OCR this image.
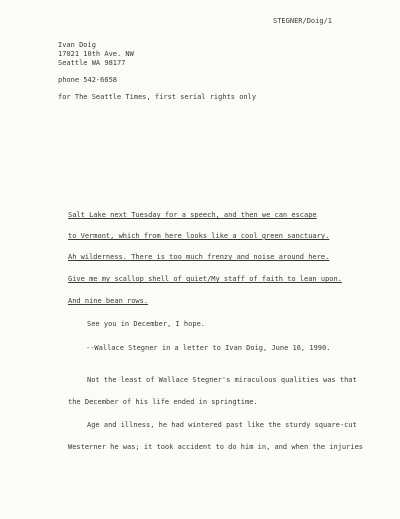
STEGNER/Doig/1
Ivan Doig
17021 10th Ave. NW
Seattle WA 98177
phone 542-6658
for The Seattle Times, first serial rights only
Salt Lake next Tuesday for a speech, and then we can escape
to Vermont, which from here looks like a cool green sanctuary.
Ah wilderness. There is too much frenzy and noise around here.
Give me my scallop shell of quiet/My staff of faith to lean upon.
And nine bean rows.
See you in December, I hope.
--Wallace Stegner in a letter to Ivan Doig, June 16, 1990.
Not the least of Wallace Stegner's miraculous qualities was that
the December of his life ended in springtime.
Age and illness, he had wintered past like the sturdy square-cut
Westerner he was; it took accident to do him in, and when the injuries
